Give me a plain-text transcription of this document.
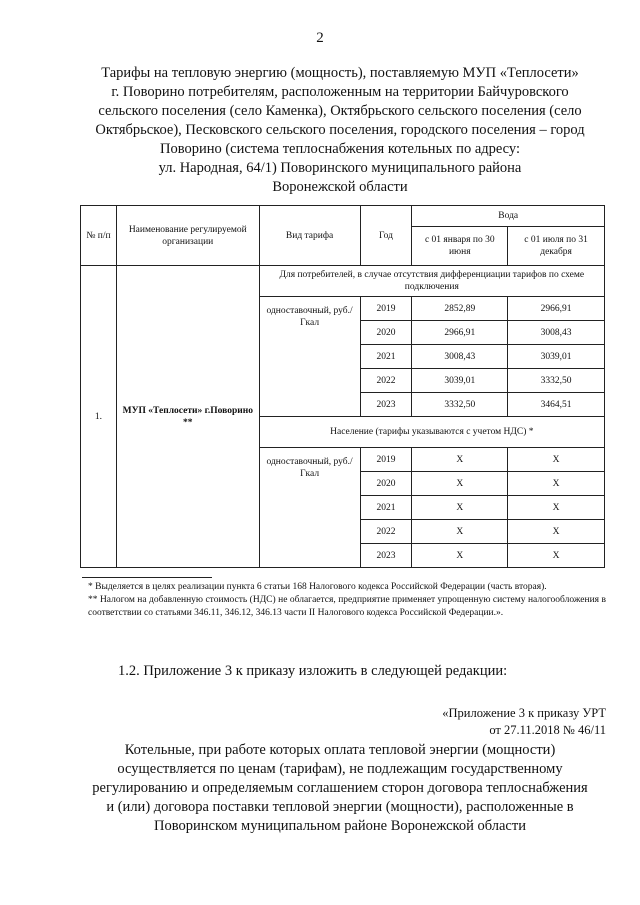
2
Тарифы на тепловую энергию (мощность), поставляемую МУП «Теплосети»
г. Поворино потребителям, расположенным на территории Байчуровского
сельского поселения (село Каменка), Октябрьского сельского поселения (село
Октябрьское), Песковского сельского поселения, городского поселения – город
Поворино (система теплоснабжения котельных по адресу:
ул. Народная, 64/1) Поворинского муниципального района
Воронежской области
№ п/п	Наименование регулируемой организации	Вид тарифа	Год	Вода	
				с 01 января по 30 июня	с 01 июля по 31 декабря
1.	МУП «Теплосети» г.Поворино **	Для потребителей, в случае отсутствия дифференциации тарифов по схеме подключения			
		одноставочный, руб./Гкал	2019	2852,89	2966,91
			2020	2966,91	3008,43
			2021	3008,43	3039,01
			2022	3039,01	3332,50
			2023	3332,50	3464,51
		Население (тарифы указываются с учетом НДС) *			
		одноставочный, руб./Гкал	2019	Х	Х
			2020	Х	Х
			2021	Х	Х
			2022	Х	Х
			2023	Х	Х

* Выделяется в целях реализации пункта 6 статьи 168 Налогового кодекса Российской Федерации (часть вторая).

** Налогом на добавленную стоимость (НДС) не облагается, предприятие применяет упрощенную систему налогообложения в соответствии со статьями 346.11, 346.12, 346.13 части II Налогового кодекса Российской Федерации.».

1.2. Приложение 3 к приказу изложить в следующей редакции:
«Приложение 3 к приказу УРТ
от 27.11.2018 № 46/11
Котельные, при работе которых оплата тепловой энергии (мощности)
осуществляется по ценам (тарифам), не подлежащим государственному
регулированию и определяемым соглашением сторон договора теплоснабжения
и (или) договора поставки тепловой энергии (мощности), расположенные в
Поворинском муниципальном районе Воронежской области
